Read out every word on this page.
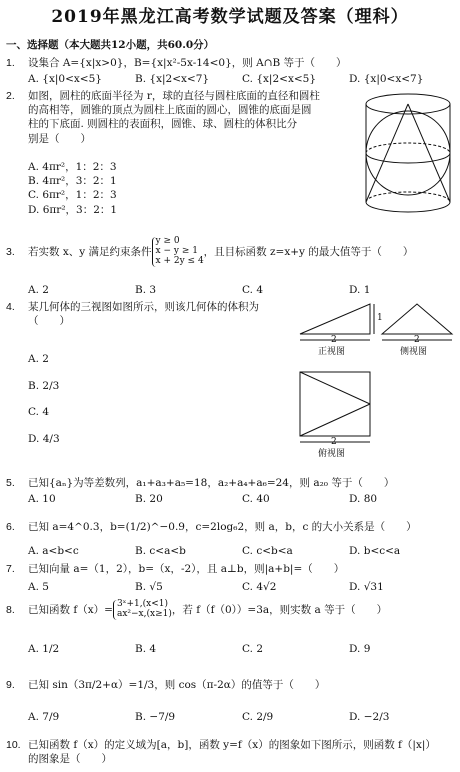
2019年黑龙江高考数学试题及答案（理科）
一、选择题（本大题共12小题，共60.0分）
1. 设集合 A={x|x>0}，B={x|x²-5x-14<0}，则 A∩B 等于（　　）
A. {x|0<x<5}	B. {x|2<x<7}	C. {x|2<x<5}	D. {x|0<x<7}
2.	如图，圆柱的底面半径为 r，球的直径与圆柱底面的直径和圆柱
的高相等，圆锥的顶点为圆柱上底面的圆心，圆锥的底面是圆
柱的下底面. 则圆柱的表面积，圆锥、球、圆柱的体积比分
别是（　　）
A. 4πr²，1：2：3
B. 4πr²，3：2：1
C. 6πr²，1：2：3
D. 6πr²，3：2：1
3. 若实数 x、y 满足约束条件
y ≥ 0
x − y ≥ 1
x + 2y ≤ 4
，且目标函数 z=x+y 的最大值等于（　　）
A. 2	B. 3	C. 4	D. 1
4.	某几何体的三视图如图所示，则该几何体的体积为
（　　）
A. 2
B. 2/3
C. 4
D. 4/3
2
1
2
2
正视图	侧视图
俯视图
5. 已知{aₙ}为等差数列，a₁+a₃+a₅=18，a₂+a₄+a₆=24，则 a₂₀ 等于（　　）
A. 10	B. 20	C. 40	D. 80
6. 已知 a=4^0.3，b=(1/2)^−0.9，c=2log₆2，则 a，b，c 的大小关系是（　　）
A. a<b<c	B. c<a<b	C. c<b<a	D. b<c<a
7. 已知向量 a=（1，2），b=（x，-2），且 a⊥b，则|a+b|=（　　）
A. 5	B. √5	C. 4√2	D. √31
8. 已知函数 f（x）= 3ˣ+1,(x<1)
ax²−x,(x≥1) ，若 f（f（0））=3a，则实数 a 等于（　　）
A. 1/2	B. 4	C. 2	D. 9
9. 已知 sin（3π/2+α）=1/3，则 cos（π-2α）的值等于（　　）
A. 7/9	B. −7/9	C. 2/9	D. −2/3
10. 已知函数 f（x）的定义域为[a，b]，函数 y=f（x）的图象如下图所示，则函数 f（|x|）
的图象是（　　）
